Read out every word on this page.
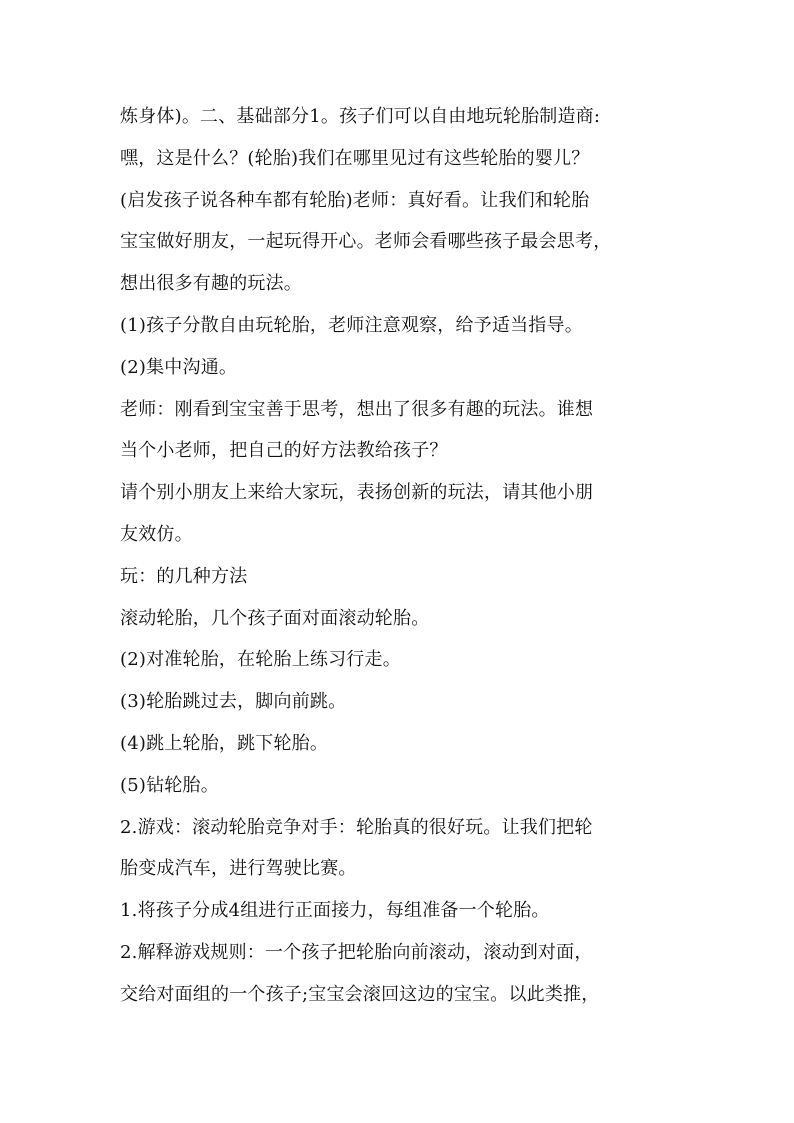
炼身体)。二、基础部分1。孩子们可以自由地玩轮胎制造商:
嘿，这是什么？(轮胎)我们在哪里见过有这些轮胎的婴儿？
(启发孩子说各种车都有轮胎)老师：真好看。让我们和轮胎
宝宝做好朋友，一起玩得开心。老师会看哪些孩子最会思考，
想出很多有趣的玩法。
(1)孩子分散自由玩轮胎，老师注意观察，给予适当指导。
(2)集中沟通。
老师：刚看到宝宝善于思考，想出了很多有趣的玩法。谁想
当个小老师，把自己的好方法教给孩子？
请个别小朋友上来给大家玩，表扬创新的玩法，请其他小朋
友效仿。
玩：的几种方法
滚动轮胎，几个孩子面对面滚动轮胎。
(2)对准轮胎，在轮胎上练习行走。
(3)轮胎跳过去，脚向前跳。
(4)跳上轮胎，跳下轮胎。
(5)钻轮胎。
2.游戏：滚动轮胎竞争对手：轮胎真的很好玩。让我们把轮
胎变成汽车，进行驾驶比赛。
1.将孩子分成4组进行正面接力，每组准备一个轮胎。
2.解释游戏规则：一个孩子把轮胎向前滚动，滚动到对面，
交给对面组的一个孩子;宝宝会滚回这边的宝宝。以此类推，
